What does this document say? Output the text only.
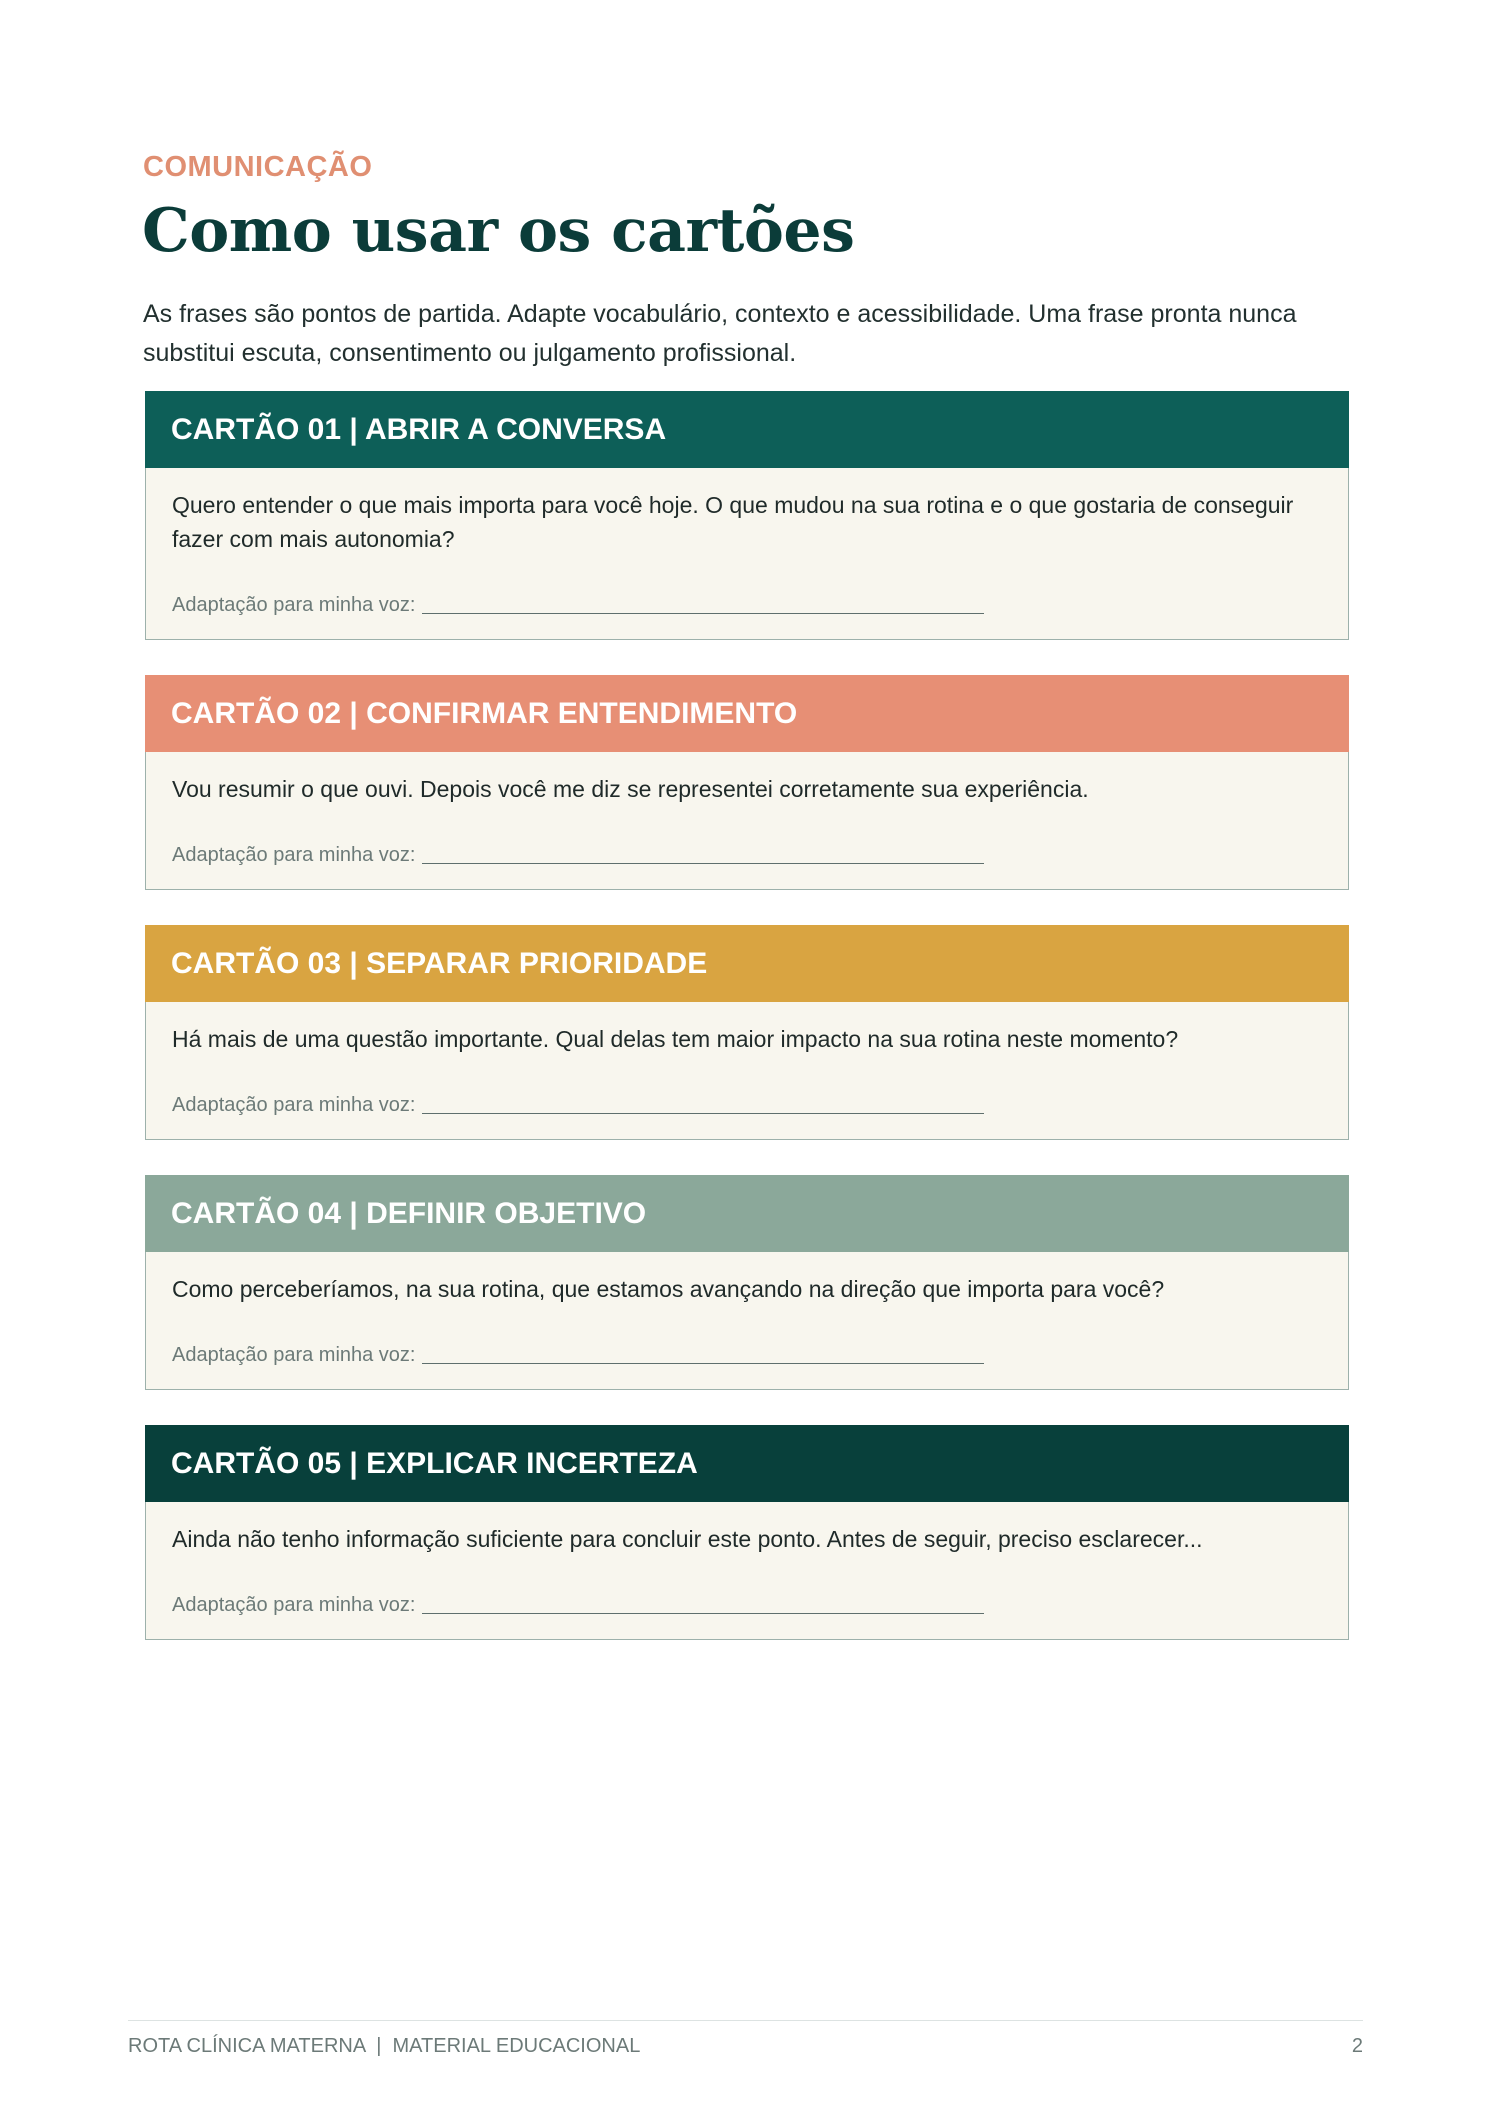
COMUNICAÇÃO
Como usar os cartões

As frases são pontos de partida. Adapte vocabulário, contexto e acessibilidade. Uma frase pronta nunca substitui escuta, consentimento ou julgamento profissional.

CARTÃO 01 | ABRIR A CONVERSA

Quero entender o que mais importa para você hoje. O que mudou na sua rotina e o que gostaria de conseguir fazer com mais autonomia?

Adaptação para minha voz:
CARTÃO 02 | CONFIRMAR ENTENDIMENTO

Vou resumir o que ouvi. Depois você me diz se representei corretamente sua experiência.

Adaptação para minha voz:
CARTÃO 03 | SEPARAR PRIORIDADE

Há mais de uma questão importante. Qual delas tem maior impacto na sua rotina neste momento?

Adaptação para minha voz:
CARTÃO 04 | DEFINIR OBJETIVO

Como perceberíamos, na sua rotina, que estamos avançando na direção que importa para você?

Adaptação para minha voz:
CARTÃO 05 | EXPLICAR INCERTEZA

Ainda não tenho informação suficiente para concluir este ponto. Antes de seguir, preciso esclarecer...

Adaptação para minha voz:
ROTA CLÍNICA MATERNA  |  MATERIAL EDUCACIONAL	2
